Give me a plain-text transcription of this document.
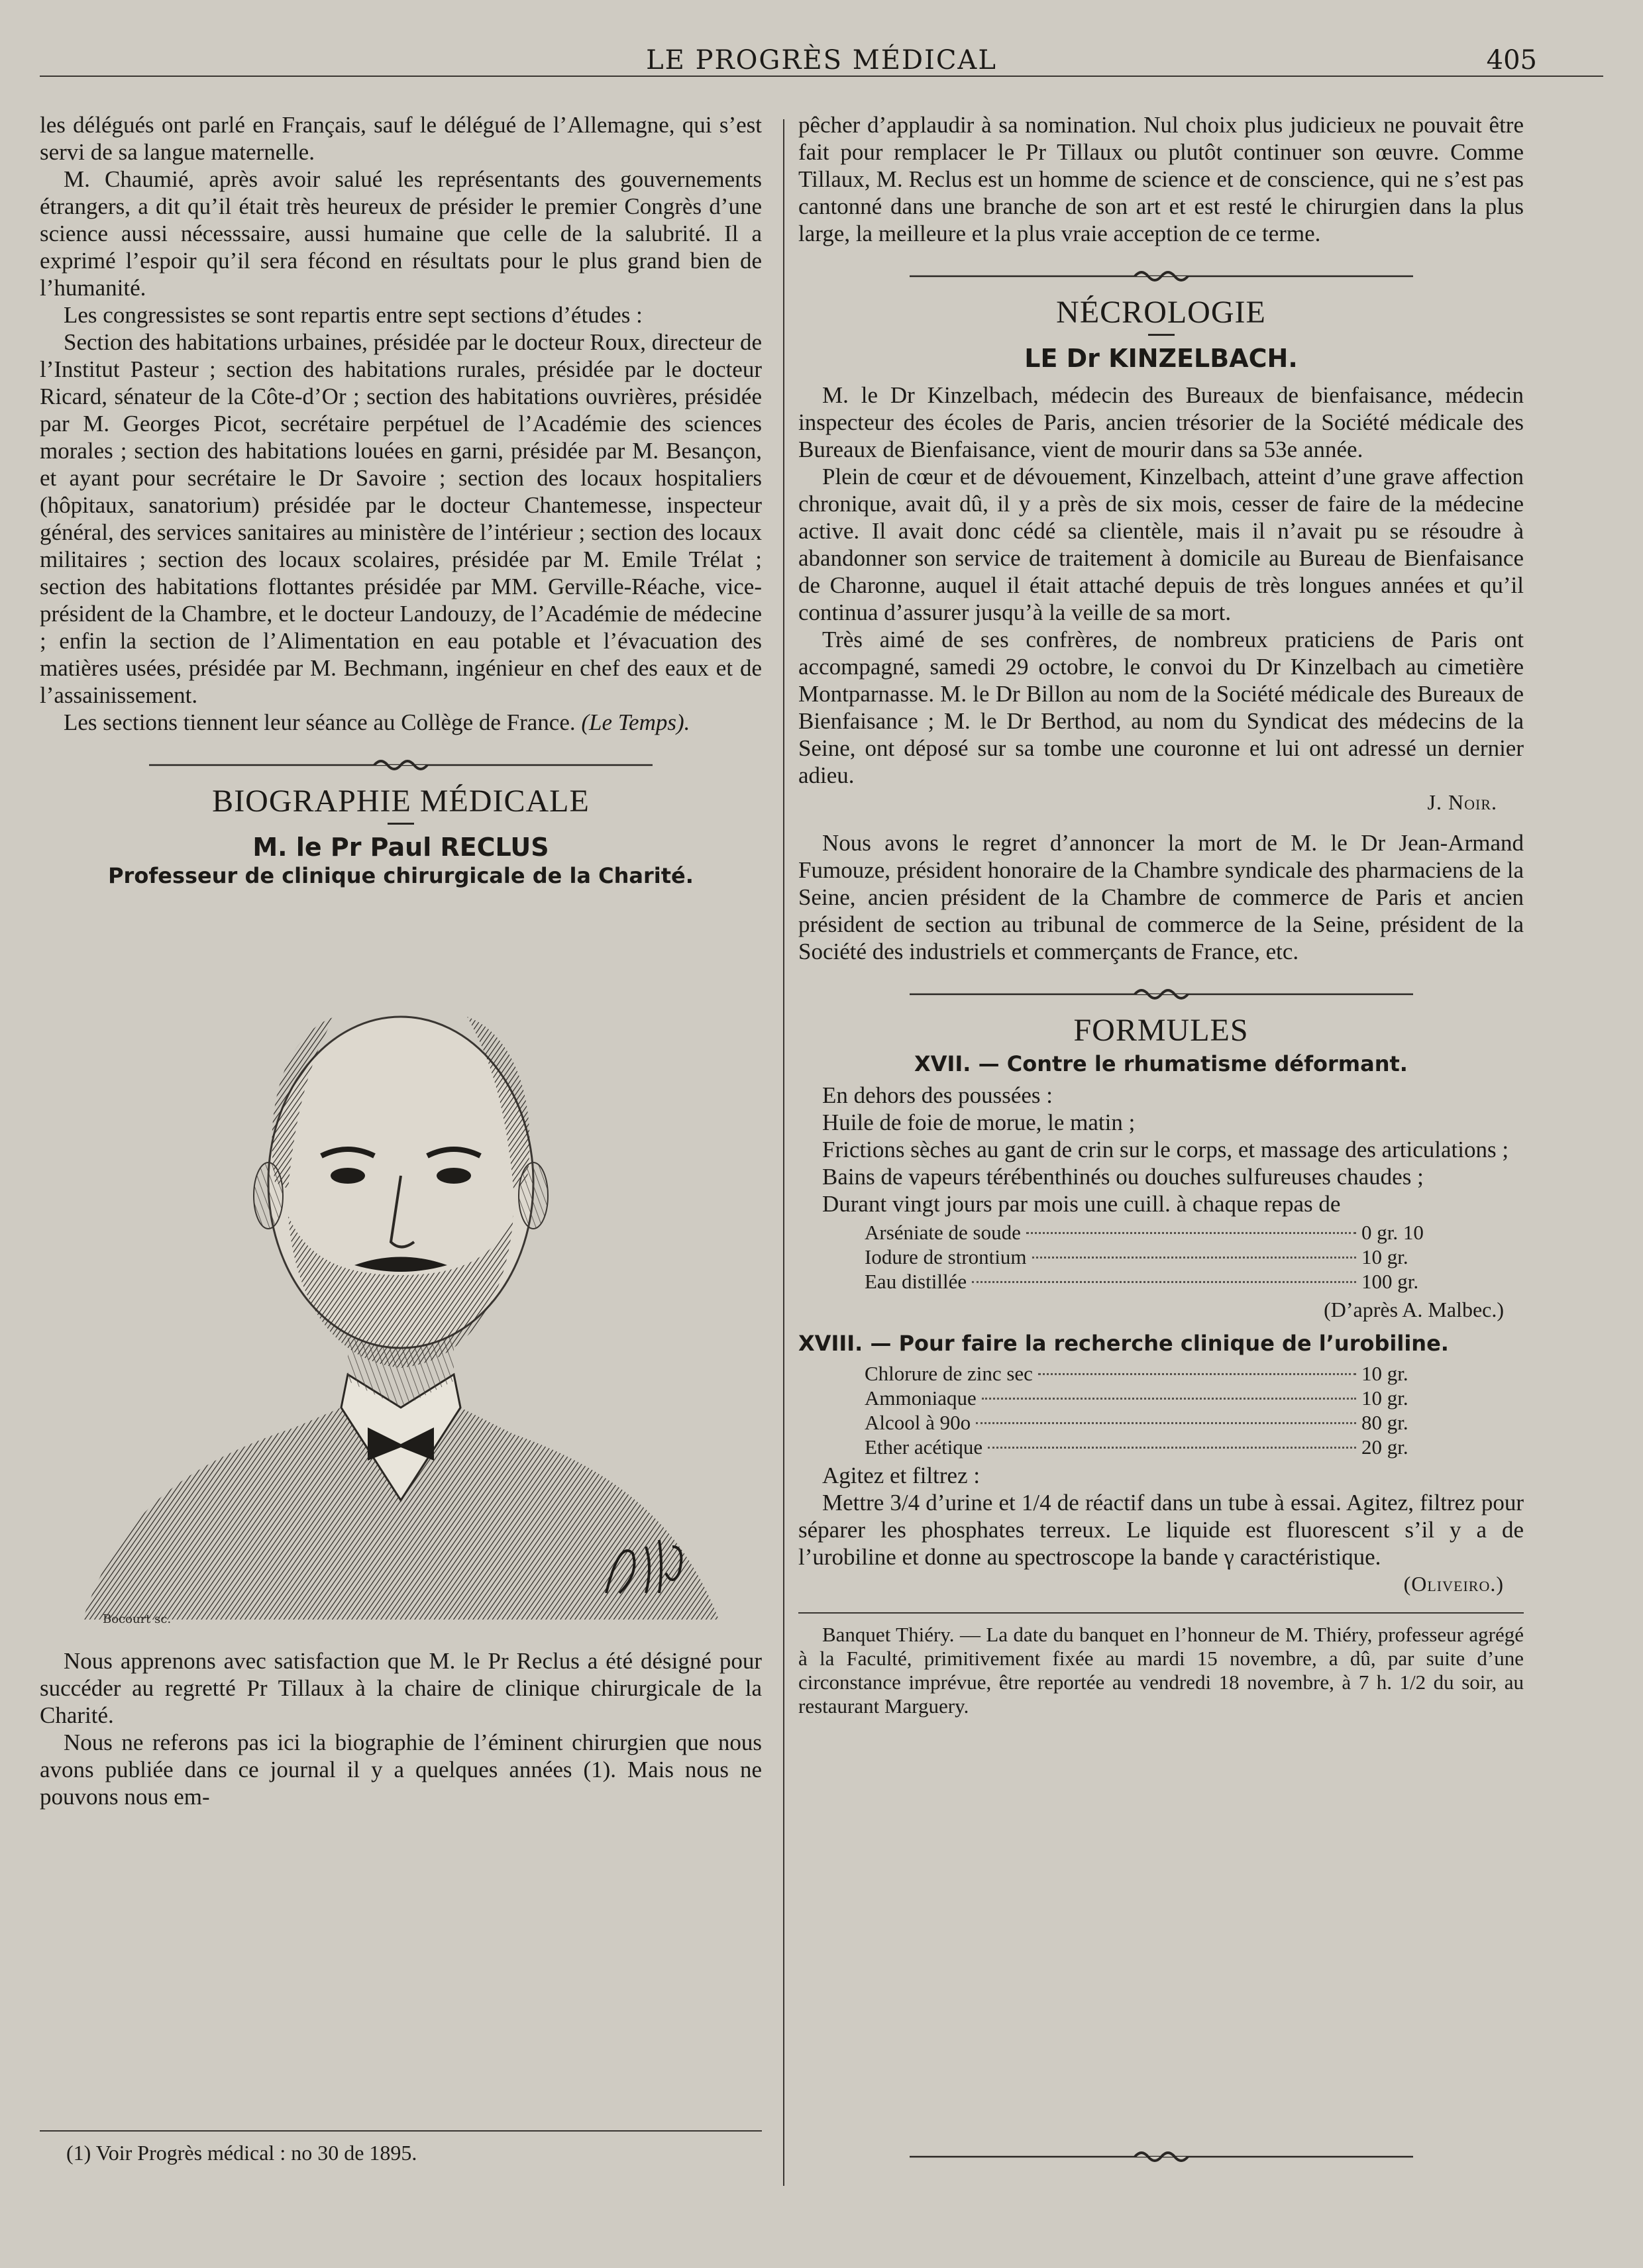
LE PROGRÈS MÉDICAL	405

les délégués ont parlé en Français, sauf le délégué de l’Allemagne, qui s’est servi de sa langue maternelle.

M. Chaumié, après avoir salué les représentants des gouvernements étrangers, a dit qu’il était très heureux de présider le premier Congrès d’une science aussi nécesssaire, aussi humaine que celle de la salubrité. Il a exprimé l’espoir qu’il sera fécond en résultats pour le plus grand bien de l’humanité.

Les congressistes se sont repartis entre sept sections d’études :

Section des habitations urbaines, présidée par le docteur Roux, directeur de l’Institut Pasteur ; section des habitations rurales, présidée par le docteur Ricard, sénateur de la Côte-d’Or ; section des habitations ouvrières, présidée par M. Georges Picot, secrétaire perpétuel de l’Académie des sciences morales ; section des habitations louées en garni, présidée par M. Besançon, et ayant pour secrétaire le Dr Savoire ; section des locaux hospitaliers (hôpitaux, sanatorium) présidée par le docteur Chantemesse, inspecteur général, des services sanitaires au ministère de l’intérieur ; section des locaux militaires ; section des locaux scolaires, présidée par M. Emile Trélat ; section des habitations flottantes présidée par MM. Gerville-Réache, vice-président de la Chambre, et le docteur Landouzy, de l’Académie de médecine ; enfin la section de l’Alimentation en eau potable et l’évacuation des matières usées, présidée par M. Bechmann, ingénieur en chef des eaux et de l’assainissement.

Les sections tiennent leur séance au Collège de France. (Le Temps).

BIOGRAPHIE MÉDICALE
M. le Pr Paul RECLUS
Professeur de clinique chirurgicale de la Charité.
Bocourt sc.

Nous apprenons avec satisfaction que M. le Pr Reclus a été désigné pour succéder au regretté Pr Tillaux à la chaire de clinique chirurgicale de la Charité.

Nous ne referons pas ici la biographie de l’éminent chirurgien que nous avons publiée dans ce journal il y a quelques années (1). Mais nous ne pouvons nous em-

(1) Voir Progrès médical : no 30 de 1895.

pêcher d’applaudir à sa nomination. Nul choix plus judicieux ne pouvait être fait pour remplacer le Pr Tillaux ou plutôt continuer son œuvre. Comme Tillaux, M. Reclus est un homme de science et de conscience, qui ne s’est pas cantonné dans une branche de son art et est resté le chirurgien dans la plus large, la meilleure et la plus vraie acception de ce terme.

NÉCROLOGIE
LE Dr KINZELBACH.

M. le Dr Kinzelbach, médecin des Bureaux de bienfaisance, médecin inspecteur des écoles de Paris, ancien trésorier de la Société médicale des Bureaux de Bienfaisance, vient de mourir dans sa 53e année.

Plein de cœur et de dévouement, Kinzelbach, atteint d’une grave affection chronique, avait dû, il y a près de six mois, cesser de faire de la médecine active. Il avait donc cédé sa clientèle, mais il n’avait pu se résoudre à abandonner son service de traitement à domicile au Bureau de Bienfaisance de Charonne, auquel il était attaché depuis de très longues années et qu’il continua d’assurer jusqu’à la veille de sa mort.

Très aimé de ses confrères, de nombreux praticiens de Paris ont accompagné, samedi 29 octobre, le convoi du Dr Kinzelbach au cimetière Montparnasse. M. le Dr Billon au nom de la Société médicale des Bureaux de Bienfaisance ; M. le Dr Berthod, au nom du Syndicat des médecins de la Seine, ont déposé sur sa tombe une couronne et lui ont adressé un dernier adieu.

J. Noir.

Nous avons le regret d’annoncer la mort de M. le Dr Jean-Armand Fumouze, président honoraire de la Chambre syndicale des pharmaciens de la Seine, ancien président de la Chambre de commerce de Paris et ancien président de section au tribunal de commerce de la Seine, président de la Société des industriels et commerçants de France, etc.

FORMULES
XVII. — Contre le rhumatisme déformant.

En dehors des poussées :

Huile de foie de morue, le matin ;

Frictions sèches au gant de crin sur le corps, et massage des articulations ;

Bains de vapeurs térébenthinés ou douches sulfureuses chaudes ;

Durant vingt jours par mois une cuill. à chaque repas de

Arséniate de soude	0 gr. 10
Iodure de strontium	10 gr.
Eau distillée	100 gr.
(D’après A. Malbec.)
XVIII. — Pour faire la recherche clinique de l’urobiline.
Chlorure de zinc sec	10 gr.
Ammoniaque	10 gr.
Alcool à 90o	80 gr.
Ether acétique	20 gr.

Agitez et filtrez :

Mettre 3/4 d’urine et 1/4 de réactif dans un tube à essai. Agitez, filtrez pour séparer les phosphates terreux. Le liquide est fluorescent s’il y a de l’urobiline et donne au spectroscope la bande γ caractéristique.

(Oliveiro.)

Banquet Thiéry. — La date du banquet en l’honneur de M. Thiéry, professeur agrégé à la Faculté, primitivement fixée au mardi 15 novembre, a dû, par suite d’une circonstance imprévue, être reportée au vendredi 18 novembre, à 7 h. 1/2 du soir, au restaurant Marguery.
